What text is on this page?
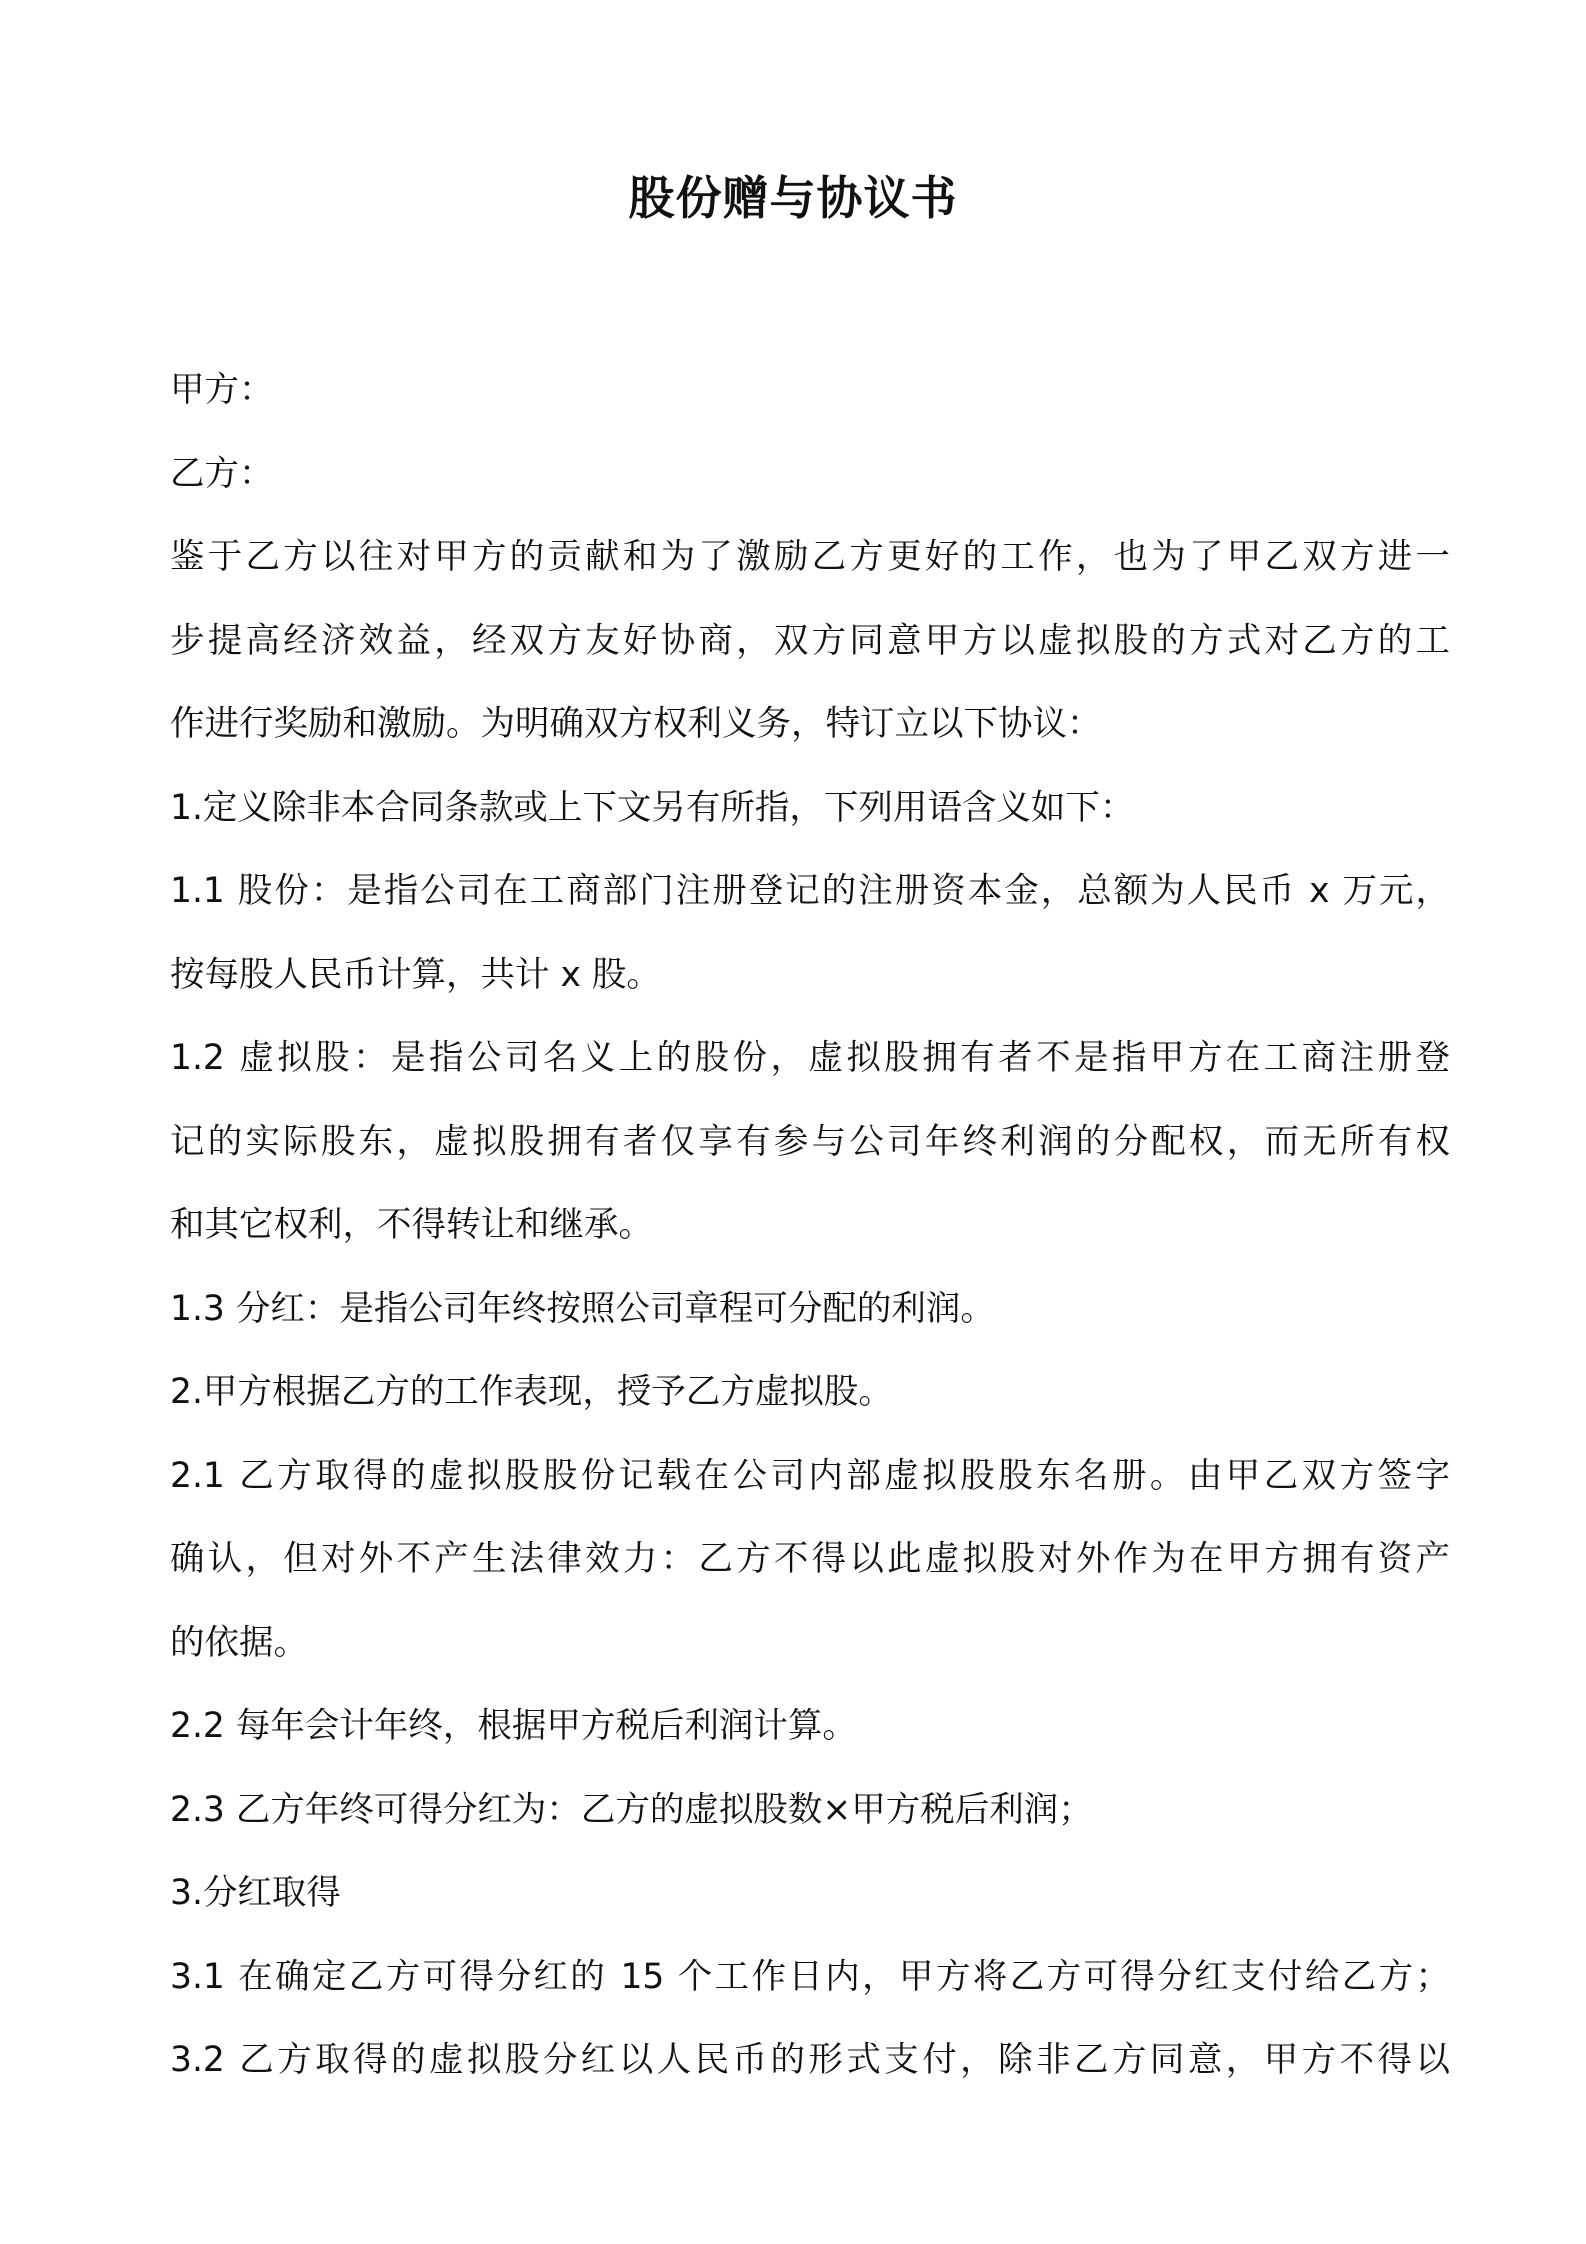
股份赠与协议书

甲方：

乙方：

鉴于乙方以往对甲方的贡献和为了激励乙方更好的工作，也为了甲乙双方进一

步提高经济效益，经双方友好协商，双方同意甲方以虚拟股的方式对乙方的工

作进行奖励和激励。为明确双方权利义务，特订立以下协议：

1.定义除非本合同条款或上下文另有所指，下列用语含义如下：

1.1 股份：是指公司在工商部门注册登记的注册资本金，总额为人民币 x 万元，

按每股人民币计算，共计 x 股。

1.2 虚拟股：是指公司名义上的股份，虚拟股拥有者不是指甲方在工商注册登

记的实际股东，虚拟股拥有者仅享有参与公司年终利润的分配权，而无所有权

和其它权利，不得转让和继承。

1.3 分红：是指公司年终按照公司章程可分配的利润。

2.甲方根据乙方的工作表现，授予乙方虚拟股。

2.1 乙方取得的虚拟股股份记载在公司内部虚拟股股东名册。由甲乙双方签字

确认，但对外不产生法律效力：乙方不得以此虚拟股对外作为在甲方拥有资产

的依据。

2.2 每年会计年终，根据甲方税后利润计算。

2.3 乙方年终可得分红为：乙方的虚拟股数×甲方税后利润；

3.分红取得

3.1 在确定乙方可得分红的 15 个工作日内，甲方将乙方可得分红支付给乙方；

3.2 乙方取得的虚拟股分红以人民币的形式支付，除非乙方同意，甲方不得以
